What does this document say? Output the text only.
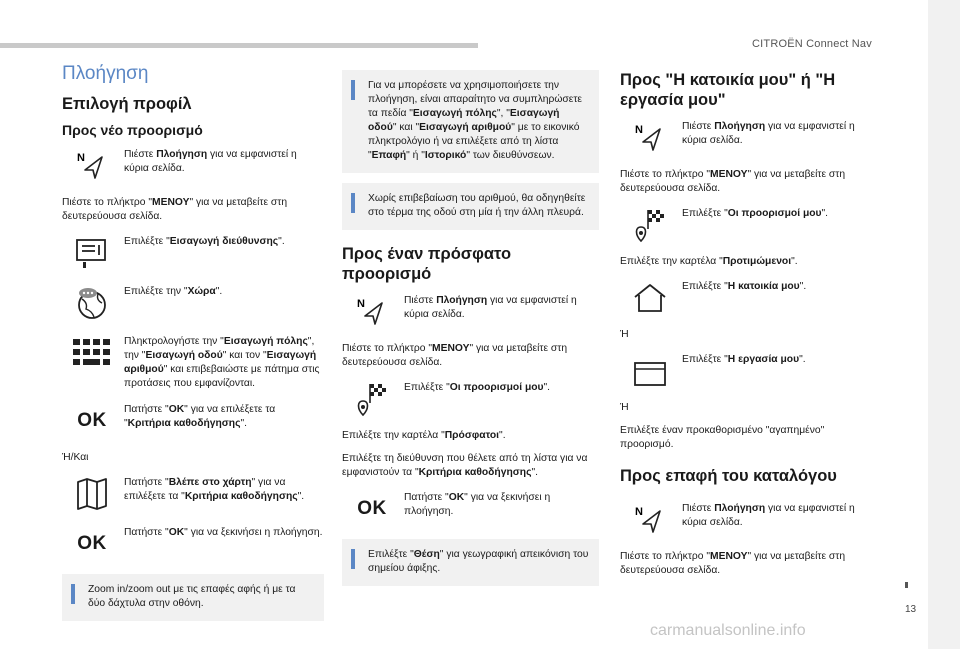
CITROËN Connect Nav
13
Πλοήγηση
Επιλογή προφίλ
Προς νέο προορισμό
N	Πιέστε Πλοήγηση για να εμφανιστεί η κύρια σελίδα.

Πιέστε το πλήκτρο "ΜΕΝΟΥ" για να μεταβείτε στη δευτερεύουσα σελίδα.

Επιλέξτε "Εισαγωγή διεύθυνσης".

Επιλέξτε την "Χώρα".

Πληκτρολογήστε την "Εισαγωγή πόλης", την "Εισαγωγή οδού" και τον "Εισαγωγή αριθμού" και επιβεβαιώστε με πάτημα στις προτάσεις που εμφανίζονται.

OK

Πατήστε "OK" για να επιλέξετε τα "Κριτήρια καθοδήγησης".

Ή/Και

Πατήστε "Βλέπε στο χάρτη" για να επιλέξετε τα "Κριτήρια καθοδήγησης".

OK

Πατήστε "OK" για να ξεκινήσει η πλοήγηση.

Zoom in/zoom out με τις επαφές αφής ή με τα δύο δάχτυλα στην οθόνη.

Για να μπορέσετε να χρησιμοποιήσετε την πλοήγηση, είναι απαραίτητο να συμπληρώσετε τα πεδία "Εισαγωγή πόλης", "Εισαγωγή οδού" και "Εισαγωγή αριθμού" με το εικονικό πληκτρολόγιο ή να επιλέξετε από τη λίστα "Επαφή" ή "Ιστορικό" των διευθύνσεων.

Χωρίς επιβεβαίωση του αριθμού, θα οδηγηθείτε στο τέρμα της οδού στη μία ή την άλλη πλευρά.

Προς έναν πρόσφατο προορισμό
N	Πιέστε Πλοήγηση για να εμφανιστεί η κύρια σελίδα.

Πιέστε το πλήκτρο "ΜΕΝΟΥ" για να μεταβείτε στη δευτερεύουσα σελίδα.

Επιλέξτε "Οι προορισμοί μου".

Επιλέξτε την καρτέλα "Πρόσφατοι".

Επιλέξτε τη διεύθυνση που θέλετε από τη λίστα για να εμφανιστούν τα "Κριτήρια καθοδήγησης".

OK

Πατήστε "OK" για να ξεκινήσει η πλοήγηση.

Επιλέξτε "Θέση" για γεωγραφική απεικόνιση του σημείου άφιξης.

Προς "Η κατοικία μου" ή "Η εργασία μου"
N	Πιέστε Πλοήγηση για να εμφανιστεί η κύρια σελίδα.

Πιέστε το πλήκτρο "ΜΕΝΟΥ" για να μεταβείτε στη δευτερεύουσα σελίδα.

Επιλέξτε "Οι προορισμοί μου".

Επιλέξτε την καρτέλα "Προτιμώμενοι".

Επιλέξτε "Η κατοικία μου".

Ή

Επιλέξτε "Η εργασία μου".

Ή

Επιλέξτε έναν προκαθορισμένο "αγαπημένο" προορισμό.

Προς επαφή του καταλόγου
N	Πιέστε Πλοήγηση για να εμφανιστεί η κύρια σελίδα.

Πιέστε το πλήκτρο "ΜΕΝΟΥ" για να μεταβείτε στη δευτερεύουσα σελίδα.

carmanualsonline.info
